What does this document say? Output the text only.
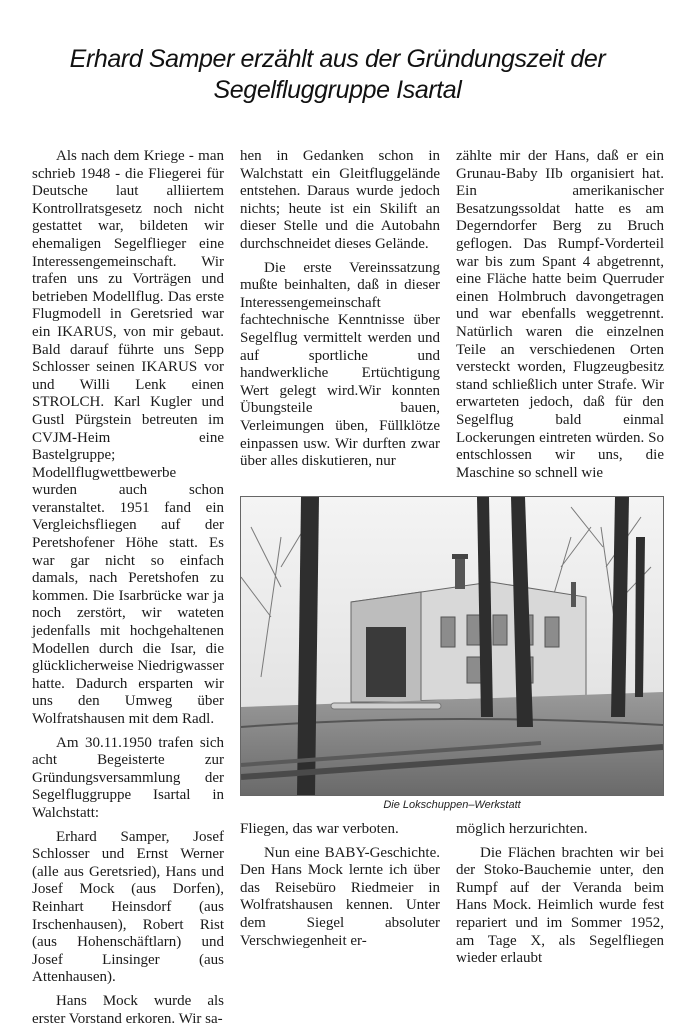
Erhard Samper erzählt aus der Gründungszeit der
Segelfluggruppe Isartal

Als nach dem Kriege - man schrieb 1948 - die Fliegerei für Deutsche laut alliiertem Kontrollratsgesetz noch nicht gestattet war, bildeten wir ehemaligen Segelflieger eine Interessengemeinschaft. Wir trafen uns zu Vorträgen und betrieben Modellflug. Das erste Flugmodell in Geretsried war ein IKARUS, von mir gebaut. Bald darauf führte uns Sepp Schlosser seinen IKARUS vor und Willi Lenk einen STROLCH. Karl Kugler und Gustl Pürgstein betreuten im CVJM-Heim eine Bastelgruppe; Modellflugwettbewerbe wurden auch schon veranstaltet. 1951 fand ein Vergleichsfliegen auf der Peretshofener Höhe statt. Es war gar nicht so einfach damals, nach Peretshofen zu kommen. Die Isarbrücke war ja noch zerstört, wir wateten jedenfalls mit hochgehaltenen Modellen durch die Isar, die glücklicherweise Niedrigwasser hatte. Dadurch ersparten wir uns den Umweg über Wolfratshausen mit dem Radl.

Am 30.11.1950 trafen sich acht Begeisterte zur Gründungsversammlung der Segelfluggruppe Isartal in Walchstatt:

Erhard Samper, Josef Schlosser und Ernst Werner (alle aus Geretsried), Hans und Josef Mock (aus Dorfen), Reinhart Heinsdorf (aus Irschenhausen), Robert Rist (aus Hohenschäftlarn) und Josef Linsinger (aus Attenhausen).

Hans Mock wurde als erster Vorstand erkoren. Wir sa-

hen in Gedanken schon in Walchstatt ein Gleitfluggelände entstehen. Daraus wurde jedoch nichts; heute ist ein Skilift an dieser Stelle und die Autobahn durchschneidet dieses Gelände.

Die erste Vereinssatzung mußte beinhalten, daß in dieser Interessengemeinschaft fachtechnische Kenntnisse über Segelflug vermittelt werden und auf sportliche und handwerkliche Ertüchtigung Wert gelegt wird.Wir konnten Übungsteile bauen, Verleimungen üben, Füllklötze einpassen usw. Wir durften zwar über alles diskutieren, nur

zählte mir der Hans, daß er ein Grunau-Baby IIb organisiert hat. Ein amerikanischer Besatzungssoldat hatte es am Degerndorfer Berg zu Bruch geflogen. Das Rumpf-Vorderteil war bis zum Spant 4 abgetrennt, eine Fläche hatte beim Querruder einen Holmbruch davongetragen und war ebenfalls weggetrennt. Natürlich waren die einzelnen Teile an verschiedenen Orten versteckt worden, Flugzeugbesitz stand schließlich unter Strafe. Wir erwarteten jedoch, daß für den Segelflug bald einmal Lockerungen eintreten würden. So entschlossen wir uns, die Maschine so schnell wie

Die Lokschuppen–Werkstatt

Fliegen, das war verboten.

Nun eine BABY-Geschichte. Den Hans Mock lernte ich über das Reisebüro Riedmeier in Wolfratshausen kennen. Unter dem Siegel absoluter Verschwiegenheit er-

möglich herzurichten.

Die Flächen brachten wir bei der Stoko-Bauchemie unter, den Rumpf auf der Veranda beim Hans Mock. Heimlich wurde fest repariert und im Sommer 1952, am Tage X, als Segelfliegen wieder erlaubt
